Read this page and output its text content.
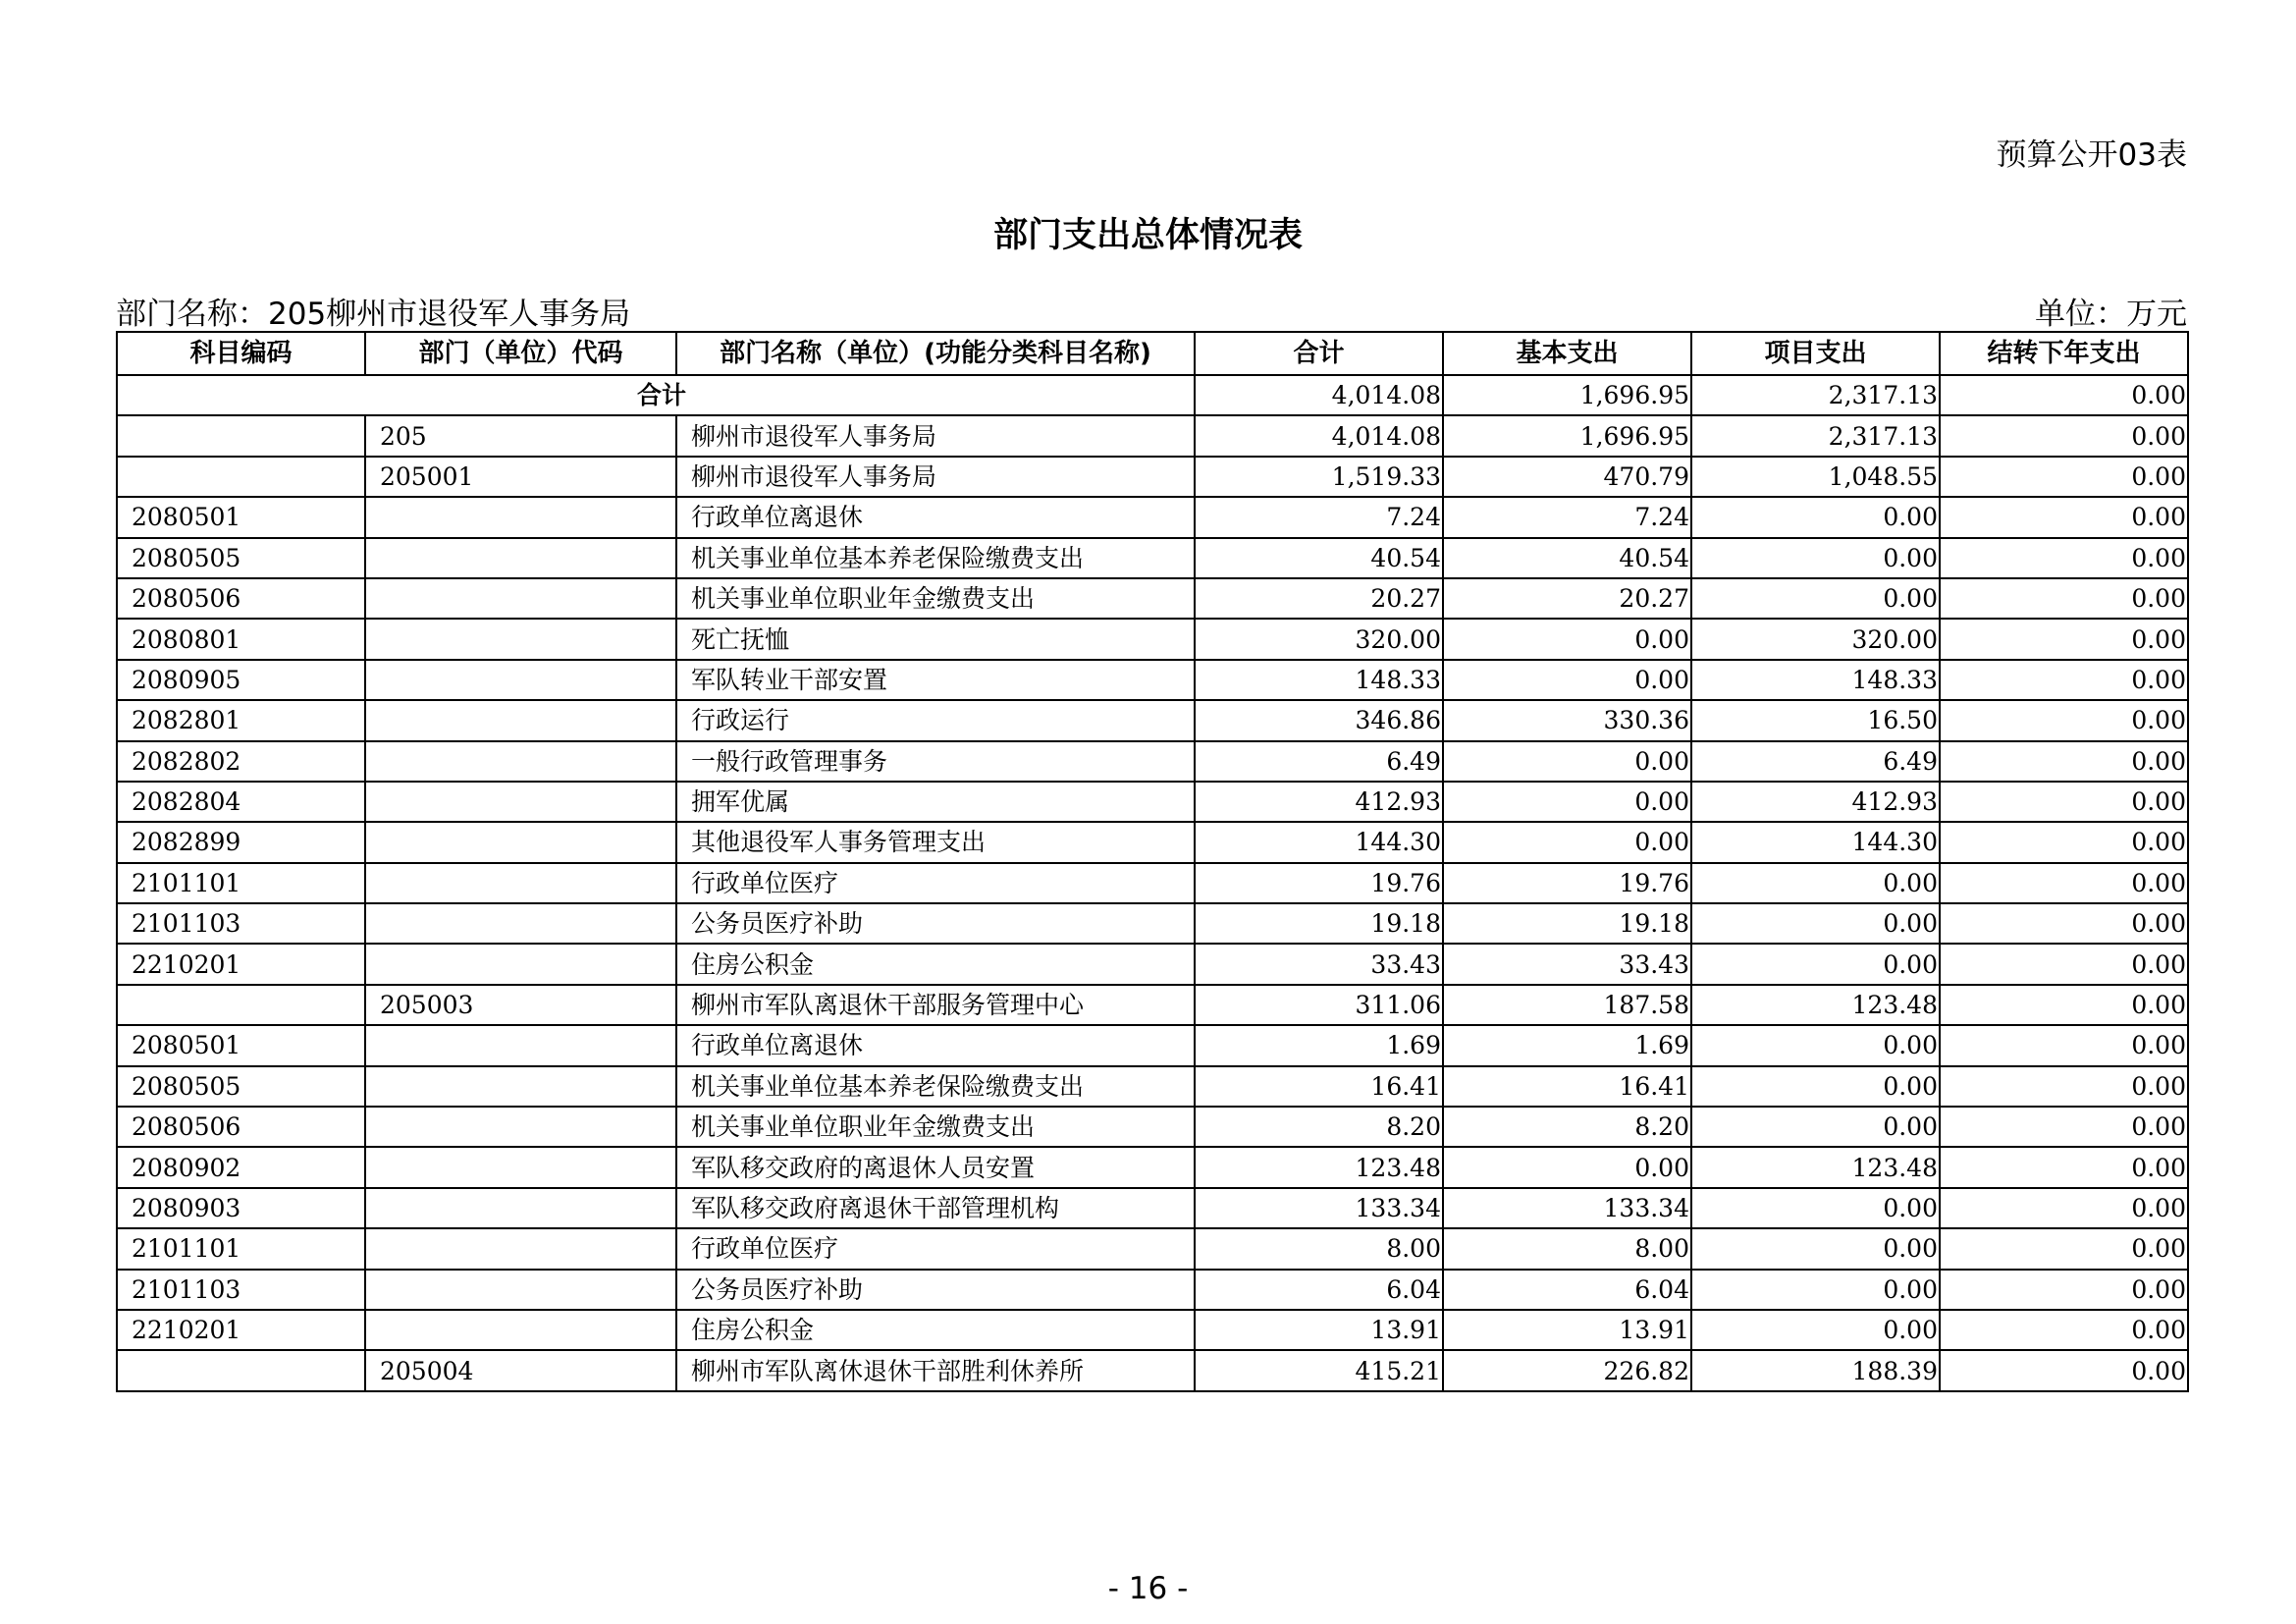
预算公开03表
部门支出总体情况表
部门名称：205柳州市退役军人事务局	单位：万元
科目编码	部门（单位）代码	部门名称（单位）(功能分类科目名称)	合计	基本支出	项目支出	结转下年支出
合计			4,014.08	1,696.95	2,317.13	0.00
	205	柳州市退役军人事务局	4,014.08	1,696.95	2,317.13	0.00
	205001	柳州市退役军人事务局	1,519.33	470.79	1,048.55	0.00
2080501		行政单位离退休	7.24	7.24	0.00	0.00
2080505		机关事业单位基本养老保险缴费支出	40.54	40.54	0.00	0.00
2080506		机关事业单位职业年金缴费支出	20.27	20.27	0.00	0.00
2080801		死亡抚恤	320.00	0.00	320.00	0.00
2080905		军队转业干部安置	148.33	0.00	148.33	0.00
2082801		行政运行	346.86	330.36	16.50	0.00
2082802		一般行政管理事务	6.49	0.00	6.49	0.00
2082804		拥军优属	412.93	0.00	412.93	0.00
2082899		其他退役军人事务管理支出	144.30	0.00	144.30	0.00
2101101		行政单位医疗	19.76	19.76	0.00	0.00
2101103		公务员医疗补助	19.18	19.18	0.00	0.00
2210201		住房公积金	33.43	33.43	0.00	0.00
	205003	柳州市军队离退休干部服务管理中心	311.06	187.58	123.48	0.00
2080501		行政单位离退休	1.69	1.69	0.00	0.00
2080505		机关事业单位基本养老保险缴费支出	16.41	16.41	0.00	0.00
2080506		机关事业单位职业年金缴费支出	8.20	8.20	0.00	0.00
2080902		军队移交政府的离退休人员安置	123.48	0.00	123.48	0.00
2080903		军队移交政府离退休干部管理机构	133.34	133.34	0.00	0.00
2101101		行政单位医疗	8.00	8.00	0.00	0.00
2101103		公务员医疗补助	6.04	6.04	0.00	0.00
2210201		住房公积金	13.91	13.91	0.00	0.00
	205004	柳州市军队离休退休干部胜利休养所	415.21	226.82	188.39	0.00
- 16 -
